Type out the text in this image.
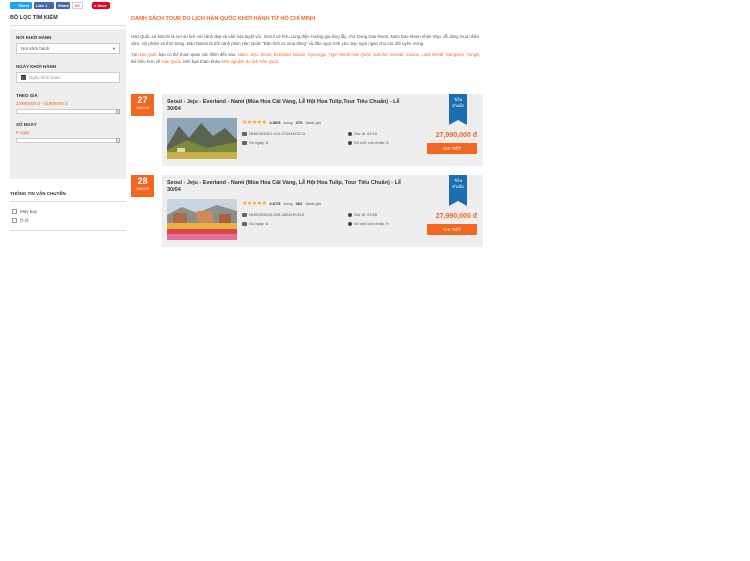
🐦 Tweet Like 1	Share G+	● Save
BỘ LỌC TÌM KIẾM
NƠI KHỞI HÀNH
Nơi khởi hành	▾
NGÀY KHỞI HÀNH
Ngày khởi hành
THEO GIÁ
22990000 đ - 41990000 đ
SỐ NGÀY
6 ngày
THÔNG TIN VẬN CHUYỂN
Máy bay
Ô tô
DANH SÁCH TOUR DU LỊCH HÀN QUỐC KHỞI HÀNH TỪ HỒ CHÍ MINH

Hàn Quốc xứ kimchi là nơi du lịch với cảnh đẹp và văn hóa tuyệt vời. Seoul sở hữu cung điện Hoàng gia lộng lẫy, chợ Dong Dae Moon, Nam Dae Moon nhộn nhịp, dễ dàng mua nhân sâm, mỹ phẩm và thời trang. Đảo Nasmi là bối cảnh phim Hàn Quốc "Bản tình ca mùa đông" và đảo ngọc tình yêu Jeju ngọt ngào cho các đôi uyên ương.

Tại Hàn Quốc bạn có thể tham quan các điểm đến sau: Nami, Jeju, Seoul, Everland, Busan, Gyeongju, Tiger World Hàn Quốc, Sokcho, Seorak, Suwon, Lotte World, Gangwon, Yongin,
Để hiểu hơn về Hàn Quốc. Mời bạn tham khảo kinh nghiệm du lịch Hàn Quốc

27
04/2019
Seoul - Jeju - Everland - Nami (Mùa Hoa Cải Vàng, Lễ Hội Hoa Tulip,Tour Tiêu Chuẩn) - Lễ 30/04
★★★★★ 4.56/5 trong 379 đánh giá
NNSGN5921-019-270419GD-D
Số ngày: 5
Giờ đi: 00:10
Số chỗ còn nhận: 6
Tiêu chuẩn
27,990,000 đ
CHI TIẾT
28
04/2019
Seoul - Jeju - Everland - Nami (Mùa Hoa Cải Vàng, Lễ Hội Hoa Tulip, Tour Tiêu Chuẩn) - Lễ 30/04
★★★★★ 4.67/5 trong 362 đánh giá
NNSGN5102-045-280419VN-E
Số ngày: 6
Giờ đi: 23:55
Số chỗ còn nhận: 9
Tiêu chuẩn
27,990,000 đ
CHI TIẾT
